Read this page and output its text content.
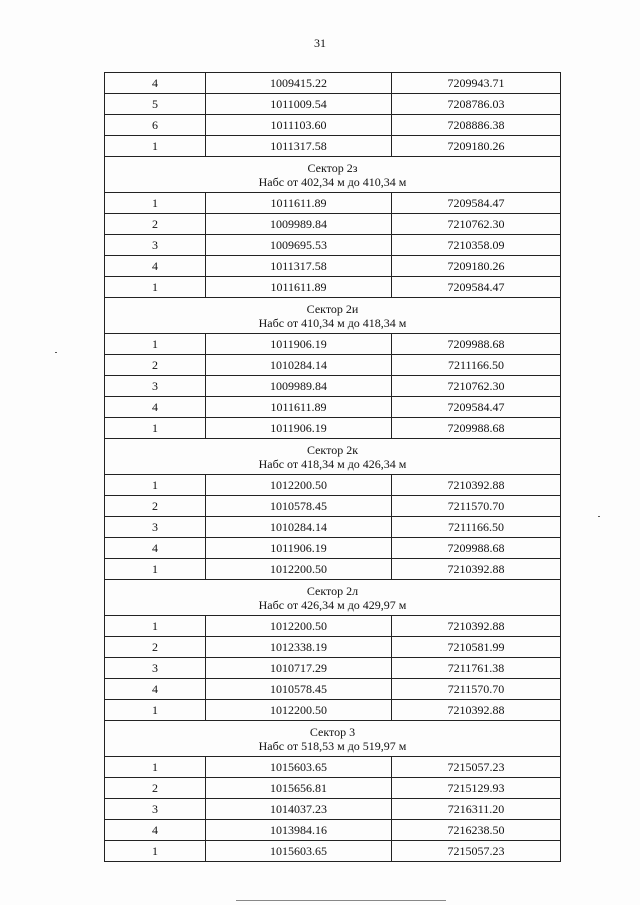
31
4	1009415.22	7209943.71
5	1011009.54	7208786.03
6	1011103.60	7208886.38
1	1011317.58	7209180.26

Сектор 2з
Набс от 402,34 м до 410,34 м		

1	1011611.89	7209584.47
2	1009989.84	7210762.30
3	1009695.53	7210358.09
4	1011317.58	7209180.26
1	1011611.89	7209584.47

Сектор 2и
Набс от 410,34 м до 418,34 м		

1	1011906.19	7209988.68
2	1010284.14	7211166.50
3	1009989.84	7210762.30
4	1011611.89	7209584.47
1	1011906.19	7209988.68

Сектор 2к
Набс от 418,34 м до 426,34 м		

1	1012200.50	7210392.88
2	1010578.45	7211570.70
3	1010284.14	7211166.50
4	1011906.19	7209988.68
1	1012200.50	7210392.88

Сектор 2л
Набс от 426,34 м до 429,97 м		

1	1012200.50	7210392.88
2	1012338.19	7210581.99
3	1010717.29	7211761.38
4	1010578.45	7211570.70
1	1012200.50	7210392.88

Сектор 3
Набс от 518,53 м до 519,97 м		

1	1015603.65	7215057.23
2	1015656.81	7215129.93
3	1014037.23	7216311.20
4	1013984.16	7216238.50
1	1015603.65	7215057.23
